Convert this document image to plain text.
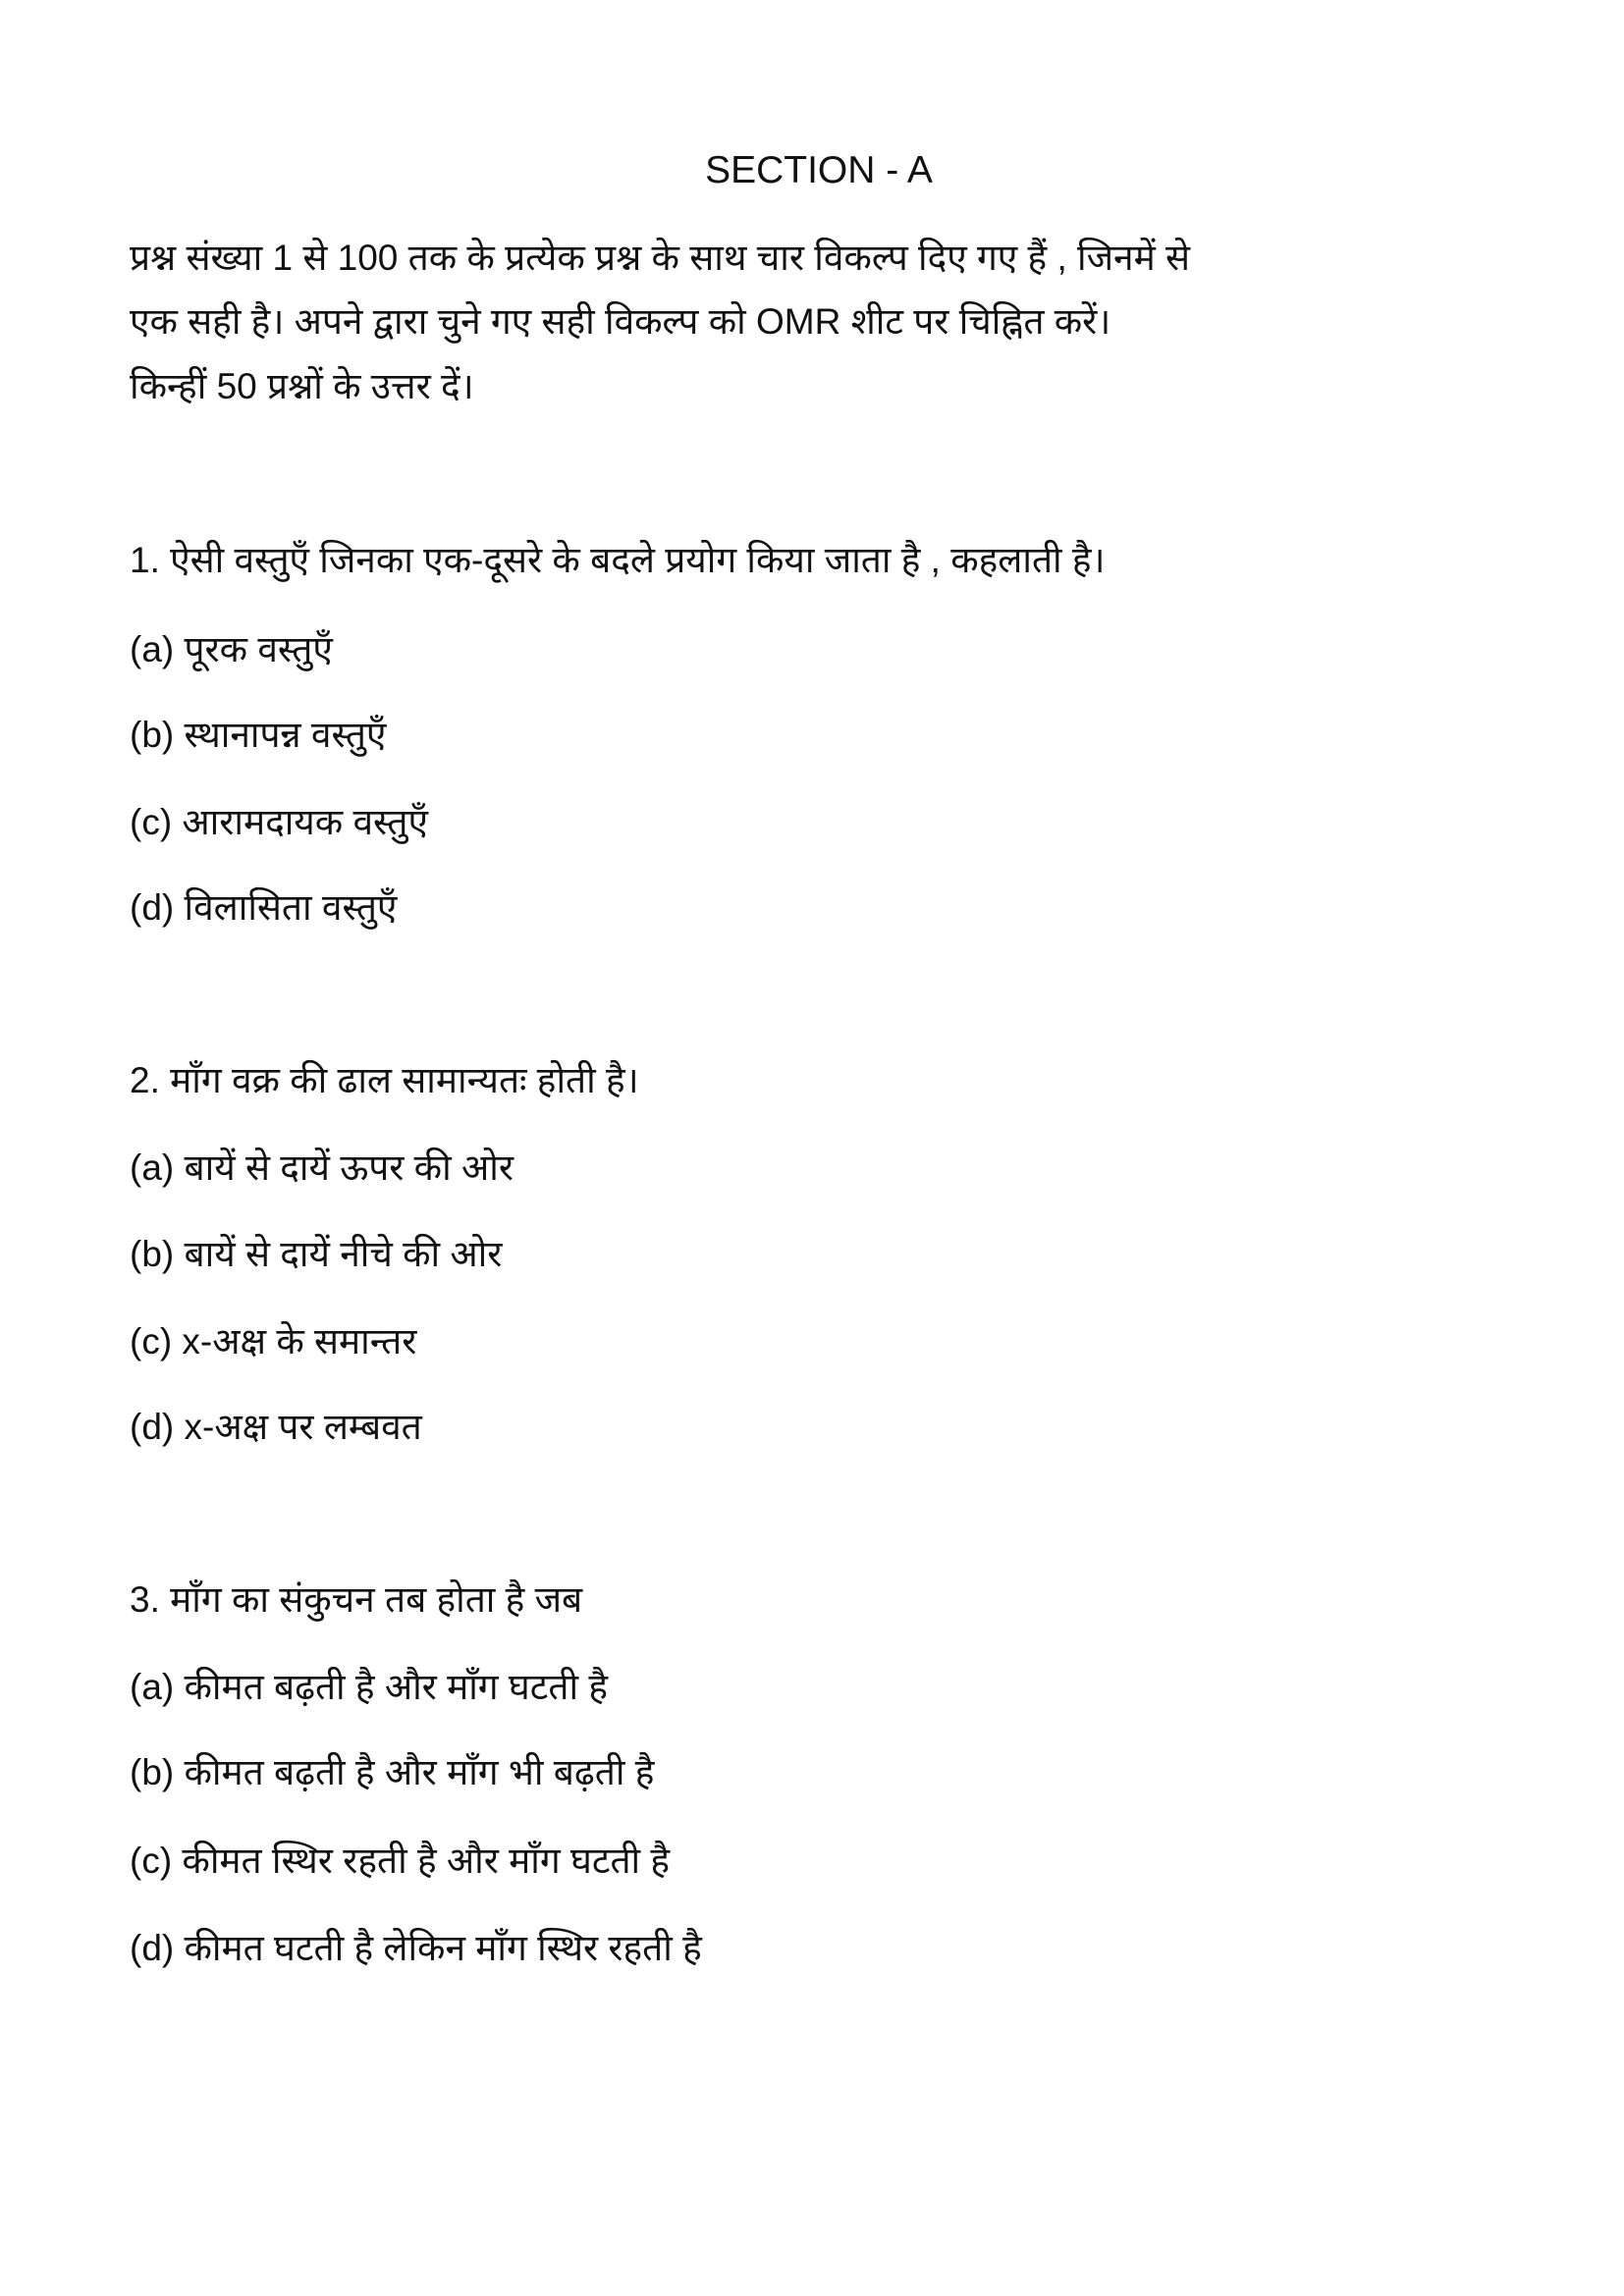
SECTION - A
प्रश्न संख्या 1 से 100 तक के प्रत्येक प्रश्न के साथ चार विकल्प दिए गए हैं , जिनमें से
एक सही है। अपने द्वारा चुने गए सही विकल्प को OMR शीट पर चिह्नित करें।
किन्हीं 50 प्रश्नों के उत्तर दें।
1. ऐसी वस्तुएँ जिनका एक-दूसरे के बदले प्रयोग किया जाता है , कहलाती है।
(a) पूरक वस्तुएँ
(b) स्थानापन्न वस्तुएँ
(c) आरामदायक वस्तुएँ
(d) विलासिता वस्तुएँ
2. माँग वक्र की ढाल सामान्यतः होती है।
(a) बायें से दायें ऊपर की ओर
(b) बायें से दायें नीचे की ओर
(c) x-अक्ष के समान्तर
(d) x-अक्ष पर लम्बवत
3. माँग का संकुचन तब होता है जब
(a) कीमत बढ़ती है और माँग घटती है
(b) कीमत बढ़ती है और माँग भी बढ़ती है
(c) कीमत स्थिर रहती है और माँग घटती है
(d) कीमत घटती है लेकिन माँग स्थिर रहती है
